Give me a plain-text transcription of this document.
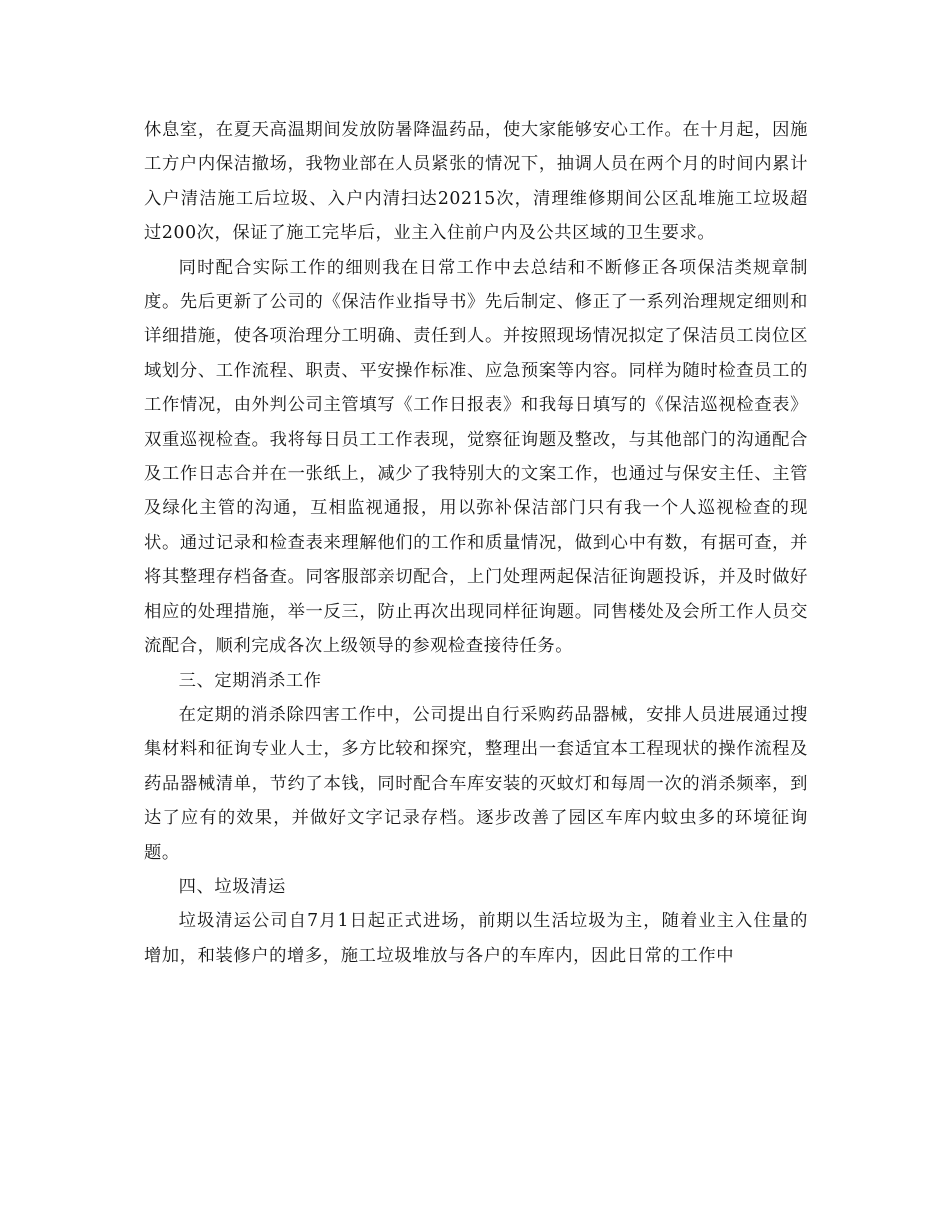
休息室，在夏天高温期间发放防暑降温药品，使大家能够安心工作。在十月起，因施工方户内保洁撤场，我物业部在人员紧张的情况下，抽调人员在两个月的时间内累计入户清洁施工后垃圾、入户内清扫达20215次，清理维修期间公区乱堆施工垃圾超过200次，保证了施工完毕后，业主入住前户内及公共区域的卫生要求。

同时配合实际工作的细则我在日常工作中去总结和不断修正各项保洁类规章制度。先后更新了公司的《保洁作业指导书》先后制定、修正了一系列治理规定细则和详细措施，使各项治理分工明确、责任到人。并按照现场情况拟定了保洁员工岗位区域划分、工作流程、职责、平安操作标准、应急预案等内容。同样为随时检查员工的工作情况，由外判公司主管填写《工作日报表》和我每日填写的《保洁巡视检查表》双重巡视检查。我将每日员工工作表现，觉察征询题及整改，与其他部门的沟通配合及工作日志合并在一张纸上，减少了我特别大的文案工作，也通过与保安主任、主管及绿化主管的沟通，互相监视通报，用以弥补保洁部门只有我一个人巡视检查的现状。通过记录和检查表来理解他们的工作和质量情况，做到心中有数，有据可查，并将其整理存档备查。同客服部亲切配合，上门处理两起保洁征询题投诉，并及时做好相应的处理措施，举一反三，防止再次出现同样征询题。同售楼处及会所工作人员交流配合，顺利完成各次上级领导的参观检查接待任务。

三、定期消杀工作

在定期的消杀除四害工作中，公司提出自行采购药品器械，安排人员进展通过搜集材料和征询专业人士，多方比较和探究，整理出一套适宜本工程现状的操作流程及药品器械清单，节约了本钱，同时配合车库安装的灭蚊灯和每周一次的消杀频率，到达了应有的效果，并做好文字记录存档。逐步改善了园区车库内蚊虫多的环境征询题。

四、垃圾清运

垃圾清运公司自7月1日起正式进场，前期以生活垃圾为主，随着业主入住量的增加，和装修户的增多，施工垃圾堆放与各户的车库内，因此日常的工作中
